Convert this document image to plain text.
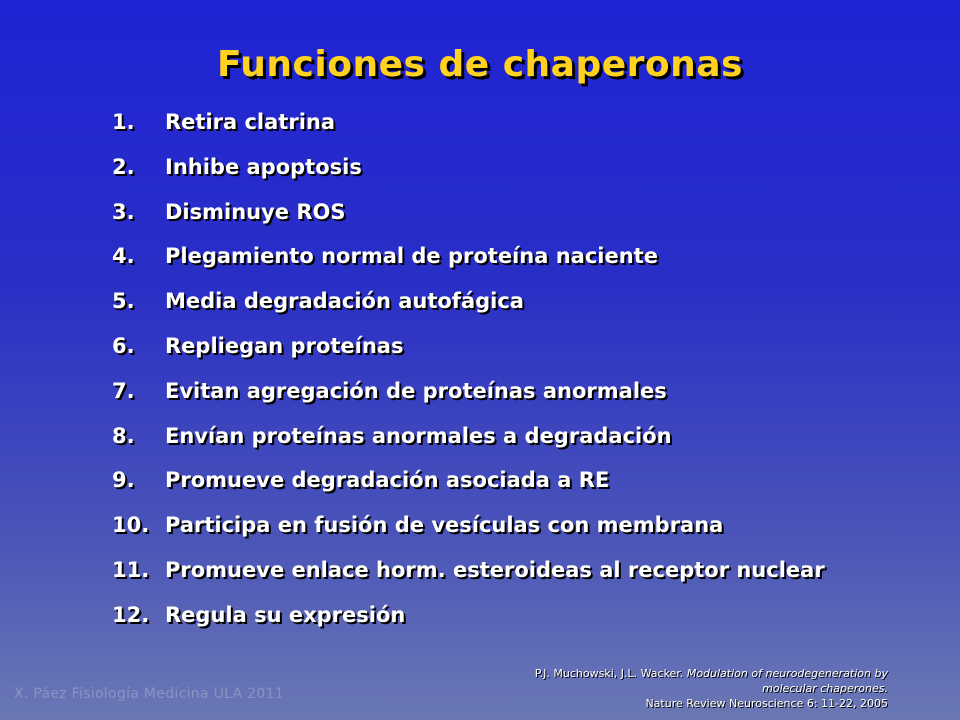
Funciones de chaperonas
1.	Retira clatrina
2.	Inhibe apoptosis
3.	Disminuye ROS
4.	Plegamiento normal de proteína naciente
5.	Media degradación autofágica
6.	Repliegan proteínas
7.	Evitan agregación de proteínas anormales
8.	Envían proteínas anormales a degradación
9.	Promueve degradación asociada a RE
10. Participa en fusión de vesículas con membrana
11. Promueve enlace horm. esteroideas al receptor nuclear
12. Regula su expresión
X. Páez Fisiología Medicina ULA 2011
P.J. Muchowski, J.L. Wacker. Modulation of neurodegeneration by
molecular chaperones.
Nature Review Neuroscience 6: 11-22, 2005
